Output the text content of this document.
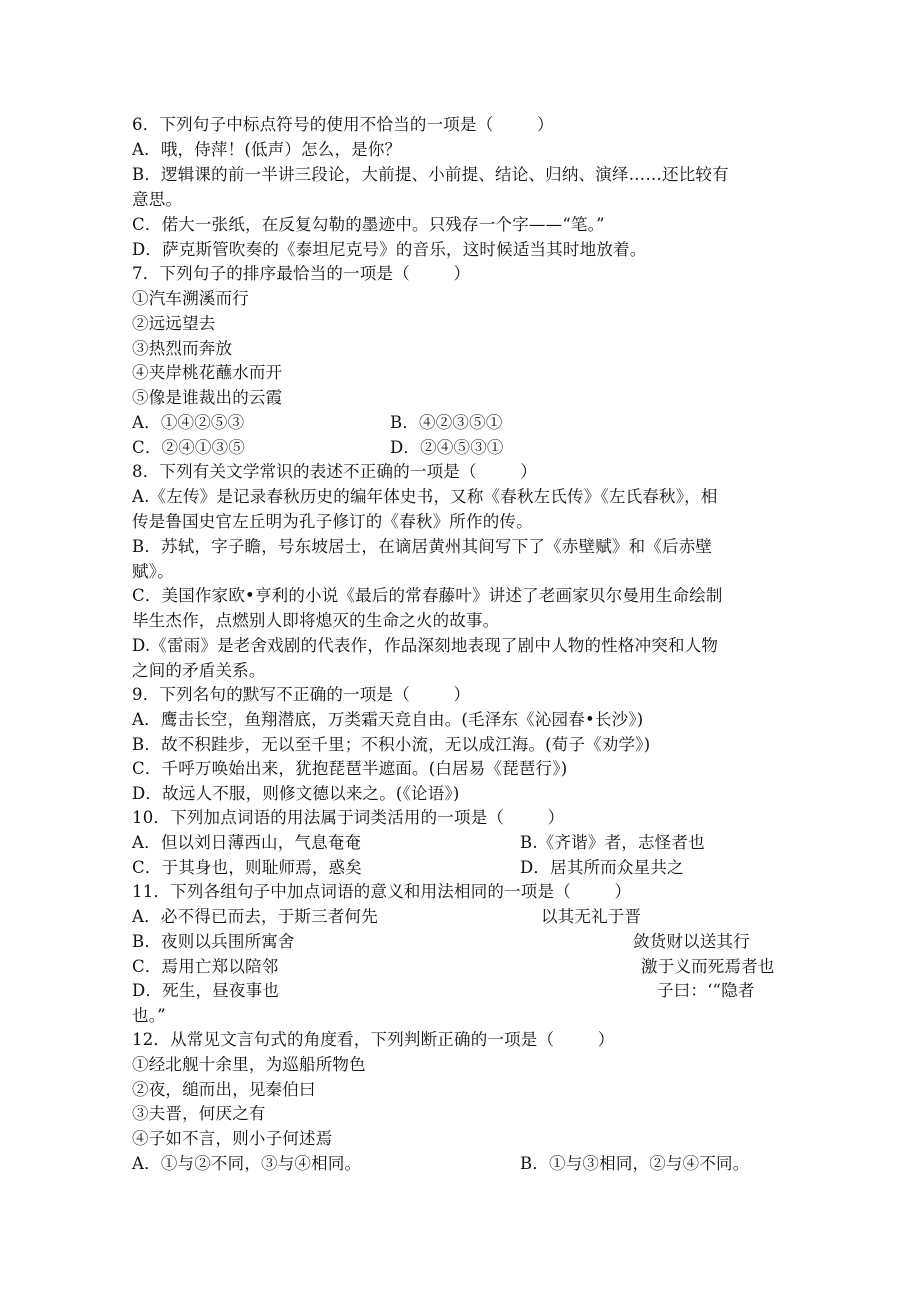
6．下列句子中标点符号的使用不恰当的一项是（        ）
A．哦，侍萍！(低声）怎么，是你？
B．逻辑课的前一半讲三段论，大前提、小前提、结论、归纳、演绎……还比较有
意思。
C．偌大一张纸，在反复勾勒的墨迹中。只残存一个字——“笔。”
D．萨克斯管吹奏的《泰坦尼克号》的音乐，这时候适当其时地放着。
7．下列句子的排序最恰当的一项是（        ）
①汽车溯溪而行
②远远望去
③热烈而奔放
④夹岸桃花蘸水而开
⑤像是谁裁出的云霞
A．①④②⑤③	B．④②③⑤①
C．②④①③⑤	D．②④⑤③①
8．下列有关文学常识的表述不正确的一项是（        ）
A.《左传》是记录春秋历史的编年体史书，又称《春秋左氏传》《左氏春秋》，相
传是鲁国史官左丘明为孔子修订的《春秋》所作的传。
B．苏轼，字子瞻，号东坡居士，在谪居黄州其间写下了《赤壁赋》和《后赤壁
赋》。
C．美国作家欧•亨利的小说《最后的常春藤叶》讲述了老画家贝尔曼用生命绘制
毕生杰作，点燃别人即将熄灭的生命之火的故事。
D.《雷雨》是老舍戏剧的代表作，作品深刻地表现了剧中人物的性格冲突和人物
之间的矛盾关系。
9．下列名句的默写不正确的一项是（        ）
A．鹰击长空，鱼翔潜底，万类霜天竞自由。(毛泽东《沁园春•长沙》)
B．故不积跬步，无以至千里；不积小流，无以成江海。(荀子《劝学》)
C．千呼万唤始出来，犹抱琵琶半遮面。(白居易《琵琶行》)
D．故远人不服，则修文德以来之。(《论语》)
10．下列加点词语的用法属于词类活用的一项是（        ）
A．但以刘日薄西山，气息奄奄	B.《齐谐》者，志怪者也
C．于其身也，则耻师焉，惑矣	D．居其所而众星共之
11．下列各组句子中加点词语的意义和用法相同的一项是（        ）
A．必不得已而去，于斯三者何先	以其无礼于晋
B．夜则以兵围所寓舍	敛货财以送其行
C．焉用亡郑以陪邻	激于义而死焉者也
D．死生，昼夜事也	子曰：‘“隐者
也。”
12．从常见文言句式的角度看，下列判断正确的一项是（        ）
①经北舰十余里，为巡船所物色
②夜，缒而出，见秦伯曰
③夫晋，何厌之有
④子如不言，则小子何述焉
A．①与②不同，③与④相同。	B．①与③相同，②与④不同。
